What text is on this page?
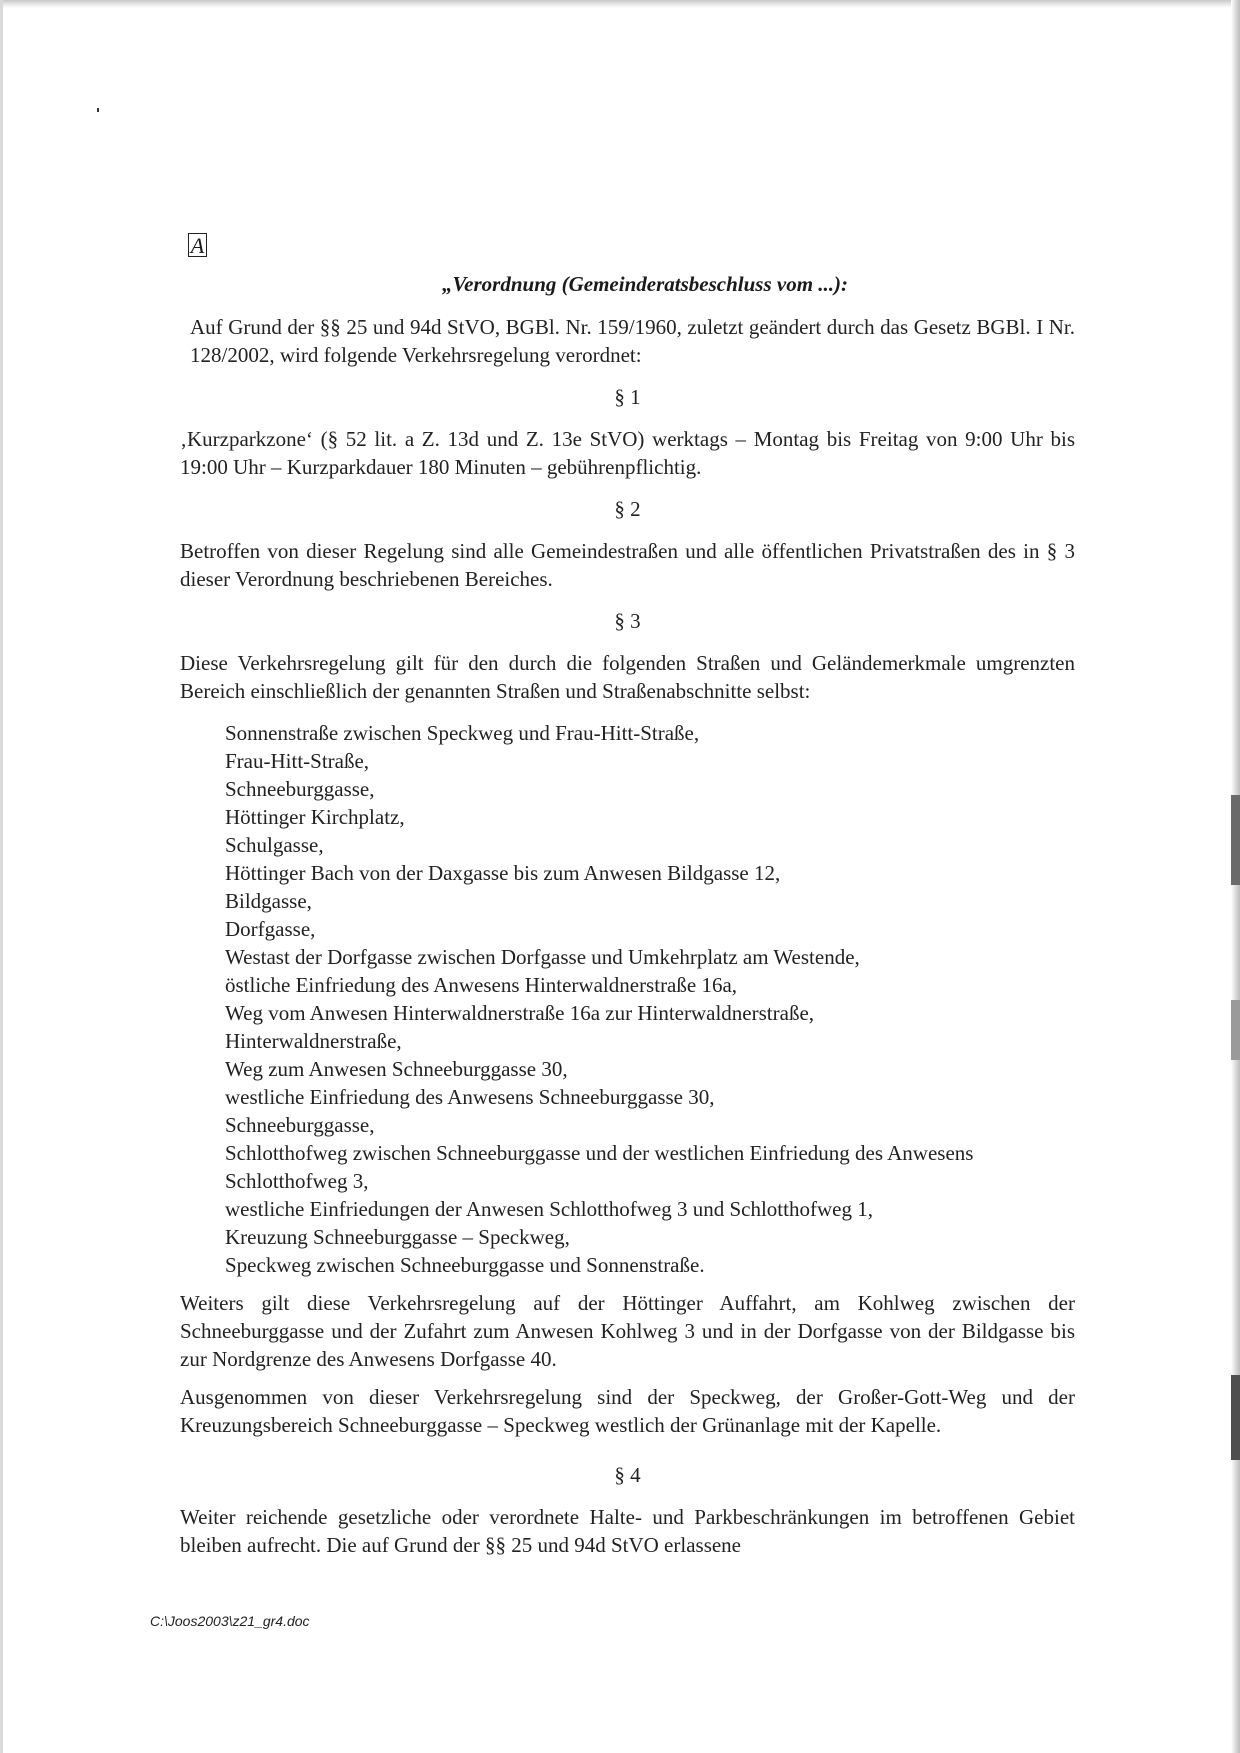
A
„Verordnung (Gemeinderatsbeschluss vom ...):

Auf Grund der §§ 25 und 94d StVO, BGBl. Nr. 159/1960, zuletzt geändert durch das Gesetz BGBl. I Nr. 128/2002, wird folgende Verkehrsregelung verordnet:

§ 1

‚Kurzparkzone‘ (§ 52 lit. a Z. 13d und Z. 13e StVO) werktags – Montag bis Freitag von 9:00 Uhr bis 19:00 Uhr – Kurzparkdauer 180 Minuten – gebührenpflichtig.

§ 2

Betroffen von dieser Regelung sind alle Gemeindestraßen und alle öffentlichen Privatstraßen des in § 3 dieser Verordnung beschriebenen Bereiches.

§ 3

Diese Verkehrsregelung gilt für den durch die folgenden Straßen und Geländemerkmale umgrenzten Bereich einschließlich der genannten Straßen und Straßenabschnitte selbst:

Sonnenstraße zwischen Speckweg und Frau-Hitt-Straße,
Frau-Hitt-Straße,
Schneeburggasse,
Höttinger Kirchplatz,
Schulgasse,
Höttinger Bach von der Daxgasse bis zum Anwesen Bildgasse 12,
Bildgasse,
Dorfgasse,
Westast der Dorfgasse zwischen Dorfgasse und Umkehrplatz am Westende,
östliche Einfriedung des Anwesens Hinterwaldnerstraße 16a,
Weg vom Anwesen Hinterwaldnerstraße 16a zur Hinterwaldnerstraße,
Hinterwaldnerstraße,
Weg zum Anwesen Schneeburggasse 30,
westliche Einfriedung des Anwesens Schneeburggasse 30,
Schneeburggasse,
Schlotthofweg zwischen Schneeburggasse und der westlichen Einfriedung des Anwesens Schlotthofweg 3,
westliche Einfriedungen der Anwesen Schlotthofweg 3 und Schlotthofweg 1,
Kreuzung Schneeburggasse – Speckweg,
Speckweg zwischen Schneeburggasse und Sonnenstraße.

Weiters gilt diese Verkehrsregelung auf der Höttinger Auffahrt, am Kohlweg zwischen der Schneeburggasse und der Zufahrt zum Anwesen Kohlweg 3 und in der Dorfgasse von der Bildgasse bis zur Nordgrenze des Anwesens Dorfgasse 40.

Ausgenommen von dieser Verkehrsregelung sind der Speckweg, der Großer-Gott-Weg und der Kreuzungsbereich Schneeburggasse – Speckweg westlich der Grünanlage mit der Kapelle.

§ 4

Weiter reichende gesetzliche oder verordnete Halte- und Parkbeschränkungen im betroffenen Gebiet bleiben aufrecht. Die auf Grund der §§ 25 und 94d StVO erlassene

C:\Joos2003\z21_gr4.doc
